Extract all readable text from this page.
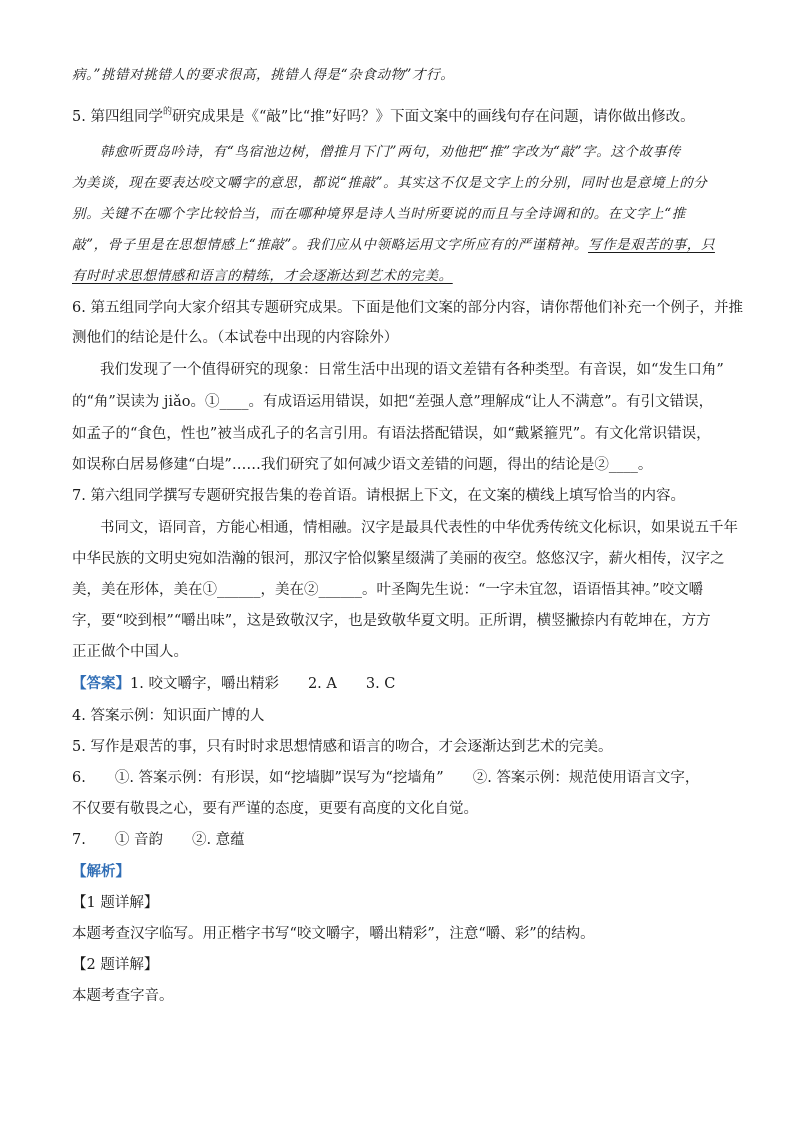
病。”挑错对挑错人的要求很高，挑错人得是“杂食动物”才行。
5. 第四组同学$^的$研究成果是《“敲”比“推”好吗？》下面文案中的画线句存在问题，请你做出修改。
韩愈听贾岛吟诗，有“鸟宿池边树，僧推月下门”两句，劝他把“推”字改为“敲”字。这个故事传
为美谈，现在要表达咬文嚼字的意思，都说“推敲”。其实这不仅是文字上的分别，同时也是意境上的分
别。关键不在哪个字比较恰当，而在哪种境界是诗人当时所要说的而且与全诗调和的。在文字上“推
敲”，骨子里是在思想情感上“推敲”。我们应从中领略运用文字所应有的严谨精神。写作是艰苦的事，只
有时时求思想情感和语言的精练，才会逐渐达到艺术的完美。
6. 第五组同学向大家介绍其专题研究成果。下面是他们文案的部分内容，请你帮他们补充一个例子，并推
测他们的结论是什么。（本试卷中出现的内容除外）
我们发现了一个值得研究的现象：日常生活中出现的语文差错有各种类型。有音误，如“发生口角”
的“角”误读为 jiǎo。①____。有成语运用错误，如把“差强人意”理解成“让人不满意”。有引文错误，
如孟子的“食色，性也”被当成孔子的名言引用。有语法搭配错误，如“戴紧箍咒”。有文化常识错误，
如误称白居易修建“白堤”……我们研究了如何减少语文差错的问题，得出的结论是②____。
7. 第六组同学撰写专题研究报告集的卷首语。请根据上下文，在文案的横线上填写恰当的内容。
书同文，语同音，方能心相通，情相融。汉字是最具代表性的中华优秀传统文化标识，如果说五千年
中华民族的文明史宛如浩瀚的银河，那汉字恰似繁星缀满了美丽的夜空。悠悠汉字，薪火相传，汉字之
美，美在形体，美在①______，美在②______。叶圣陶先生说：“一字未宜忽，语语悟其神。”咬文嚼
字，要“咬到根”“嚼出味”，这是致敬汉字，也是致敬华夏文明。正所谓，横竖撇捺内有乾坤在，方方
正正做个中国人。
【答案】1. 咬文嚼字，嚼出精彩　　2. A　　3. C
4. 答案示例：知识面广博的人
5. 写作是艰苦的事，只有时时求思想情感和语言的吻合，才会逐渐达到艺术的完美。
6.　　①. 答案示例：有形误，如“挖墙脚”误写为“挖墙角”　　②. 答案示例：规范使用语言文字，
不仅要有敬畏之心，要有严谨的态度，更要有高度的文化自觉。
7.　　① 音韵　　②. 意蕴
【解析】
【1 题详解】
本题考查汉字临写。用正楷字书写“咬文嚼字，嚼出精彩”，注意“嚼、彩”的结构。
【2 题详解】
本题考查字音。
